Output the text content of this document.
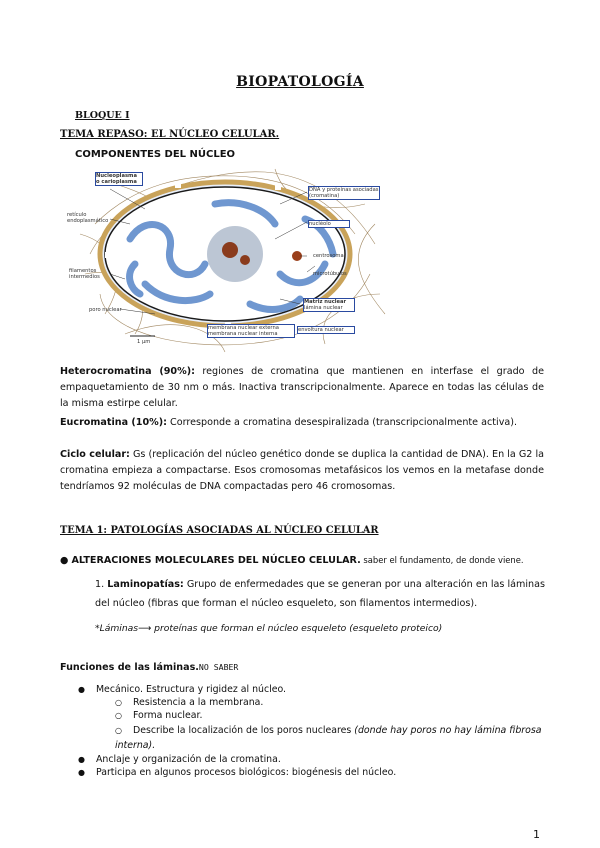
BIOPATOLOGÍA
BLOQUE I
TEMA REPASO: EL NÚCLEO CELULAR.
COMPONENTES DEL NÚCLEO
Nucleoplasma o carioplasma
retículo endoplasmático
filamentos intermedios
poro nuclear
1 µm
DNA y proteínas asociadas (cromatina)
nucléolo
centrosoma
microtúbulos
Matriz nuclear
lámina nuclear
membrana nuclear externa
membrana nuclear interna
envoltura nuclear
Heterocromatina (90%): regiones de cromatina que mantienen en interfase el grado de empaquetamiento de 30 nm o más. Inactiva transcripcionalmente. Aparece en todas las células de la misma estirpe celular.
Eucromatina (10%): Corresponde a cromatina desespiralizada (transcripcionalmente activa).
Ciclo celular: Gs (replicación del núcleo genético donde se duplica la cantidad de DNA). En la G2 la cromatina empieza a compactarse. Esos cromosomas metafásicos los vemos en la metafase donde tendríamos 92 moléculas de DNA compactadas pero 46 cromosomas.
TEMA 1: PATOLOGÍAS ASOCIADAS AL NÚCLEO CELULAR
● ALTERACIONES MOLECULARES DEL NÚCLEO CELULAR. saber el fundamento, de donde viene.
1. Laminopatías: Grupo de enfermedades que se generan por una alteración en las láminas del núcleo (fibras que forman el núcleo esqueleto, son filamentos intermedios).
*Láminas⟶ proteínas que forman el núcleo esqueleto (esqueleto proteico)
Funciones de las láminas.NO SABER
● Mecánico. Estructura y rigidez al núcleo.
○ Resistencia a la membrana.
○ Forma nuclear.
○ Describe la localización de los poros nucleares (donde hay poros no hay lámina fibrosa interna).
● Anclaje y organización de la cromatina.
● Participa en algunos procesos biológicos: biogénesis del núcleo.
1
